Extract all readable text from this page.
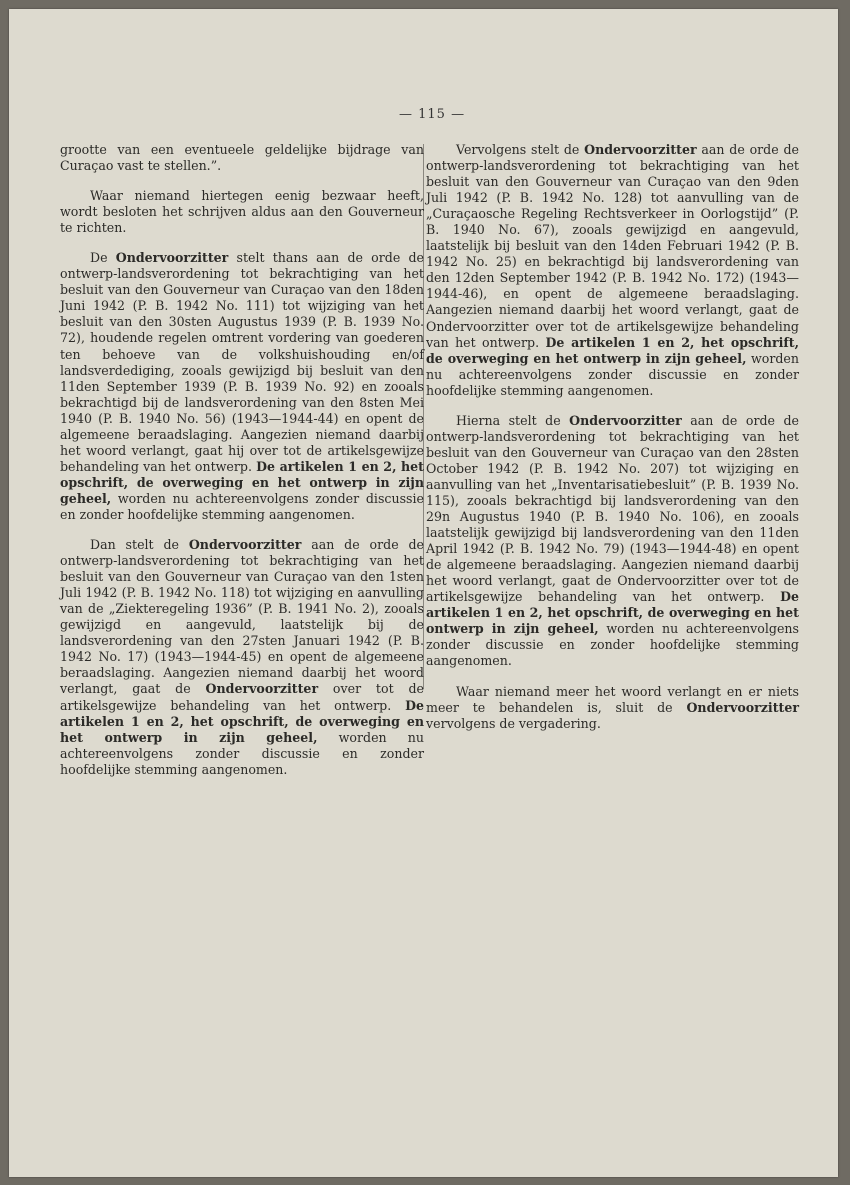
— 115 —

grootte van een eventueele geldelijke bijdrage van Curaçao vast te stellen.”.

Waar niemand hiertegen eenig bezwaar heeft, wordt besloten het schrijven aldus aan den Gouverneur te richten.

De Ondervoorzitter stelt thans aan de orde de ontwerp-landsverordening tot bekrachtiging van het besluit van den Gouverneur van Curaçao van den 18den Juni 1942 (P. B. 1942 No. 111) tot wijziging van het besluit van den 30sten Augustus 1939 (P. B. 1939 No. 72), houdende regelen omtrent vordering van goederen ten behoeve van de volkshuishouding en/of landsverdediging, zooals gewijzigd bij besluit van den 11den September 1939 (P. B. 1939 No. 92) en zooals bekrachtigd bij de landsverordening van den 8sten Mei 1940 (P. B. 1940 No. 56) (1943—1944-44) en opent de algemeene beraadslaging. Aangezien niemand daarbij het woord verlangt, gaat hij over tot de artikelsgewijze behandeling van het ontwerp. De artikelen 1 en 2, het opschrift, de overweging en het ontwerp in zijn geheel, worden nu achtereenvolgens zonder discussie en zonder hoofdelijke stemming aangenomen.

Dan stelt de Ondervoorzitter aan de orde de ontwerp-landsverordening tot bekrachtiging van het besluit van den Gouverneur van Curaçao van den 1sten Juli 1942 (P. B. 1942 No. 118) tot wijziging en aanvulling van de „Ziekteregeling 1936” (P. B. 1941 No. 2), zooals gewijzigd en aangevuld, laatstelijk bij de landsverordening van den 27sten Januari 1942 (P. B. 1942 No. 17) (1943—1944-45) en opent de algemeene beraadslaging. Aangezien niemand daarbij het woord verlangt, gaat de Ondervoorzitter over tot de artikelsgewijze behandeling van het ontwerp. De artikelen 1 en 2, het opschrift, de overweging en het ontwerp in zijn geheel, worden nu achtereenvolgens zonder discussie en zonder hoofdelijke stemming aangenomen.

Vervolgens stelt de Ondervoorzitter aan de orde de ontwerp-landsverordening tot bekrachtiging van het besluit van den Gouverneur van Curaçao van den 9den Juli 1942 (P. B. 1942 No. 128) tot aanvulling van de „Curaçaosche Regeling Rechtsverkeer in Oorlogstijd” (P. B. 1940 No. 67), zooals gewijzigd en aangevuld, laatstelijk bij besluit van den 14den Februari 1942 (P. B. 1942 No. 25) en bekrachtigd bij landsverordening van den 12den September 1942 (P. B. 1942 No. 172) (1943—1944-46), en opent de algemeene beraadslaging. Aangezien niemand daarbij het woord verlangt, gaat de Ondervoorzitter over tot de artikelsgewijze behandeling van het ontwerp. De artikelen 1 en 2, het opschrift, de overweging en het ontwerp in zijn geheel, worden nu achtereenvolgens zonder discussie en zonder hoofdelijke stemming aangenomen.

Hierna stelt de Ondervoorzitter aan de orde de ontwerp-landsverordening tot bekrachtiging van het besluit van den Gouverneur van Curaçao van den 28sten October 1942 (P. B. 1942 No. 207) tot wijziging en aanvulling van het „Inventarisatiebesluit” (P. B. 1939 No. 115), zooals bekrachtigd bij landsverordening van den 29n Augustus 1940 (P. B. 1940 No. 106), en zooals laatstelijk gewijzigd bij landsverordening van den 11den April 1942 (P. B. 1942 No. 79) (1943—1944-48) en opent de algemeene beraadslaging. Aangezien niemand daarbij het woord verlangt, gaat de Ondervoorzitter over tot de artikelsgewijze behandeling van het ontwerp. De artikelen 1 en 2, het opschrift, de overweging en het ontwerp in zijn geheel, worden nu achtereenvolgens zonder discussie en zonder hoofdelijke stemming aangenomen.

Waar niemand meer het woord verlangt en er niets meer te behandelen is, sluit de Ondervoorzitter vervolgens de vergadering.
